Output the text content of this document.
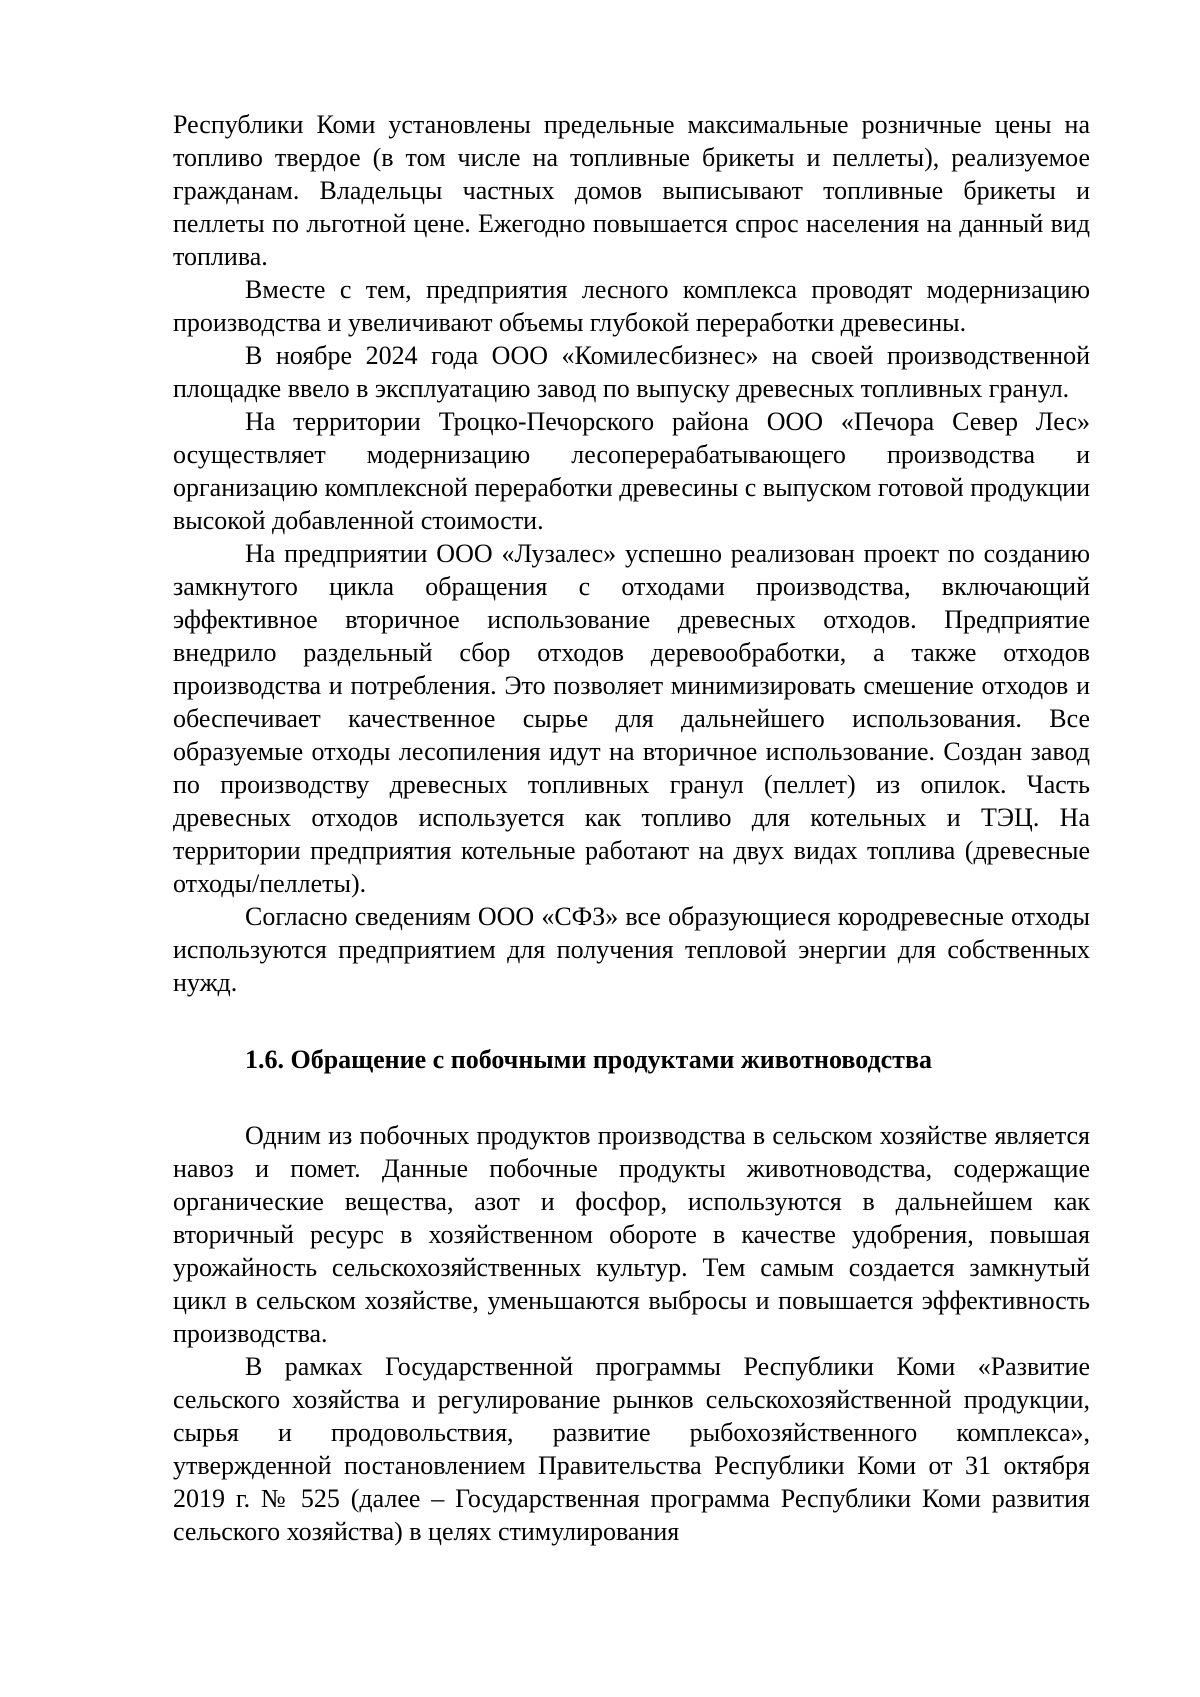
Республики Коми установлены предельные максимальные розничные цены на топливо твердое (в том числе на топливные брикеты и пеллеты), реализуемое гражданам. Владельцы частных домов выписывают топливные брикеты и пеллеты по льготной цене. Ежегодно повышается спрос населения на данный вид топлива.

Вместе с тем, предприятия лесного комплекса проводят модернизацию производства и увеличивают объемы глубокой переработки древесины.

В ноябре 2024 года ООО «Комилесбизнес» на своей производственной площадке ввело в эксплуатацию завод по выпуску древесных топливных гранул.

На территории Троцко-Печорского района ООО «Печора Север Лес» осуществляет модернизацию лесоперерабатывающего производства и организацию комплексной переработки древесины с выпуском готовой продукции высокой добавленной стоимости.

На предприятии ООО «Лузалес» успешно реализован проект по созданию замкнутого цикла обращения с отходами производства, включающий эффективное вторичное использование древесных отходов. Предприятие внедрило раздельный сбор отходов деревообработки, а также отходов производства и потребления. Это позволяет минимизировать смешение отходов и обеспечивает качественное сырье для дальнейшего использования. Все образуемые отходы лесопиления идут на вторичное использование. Создан завод по производству древесных топливных гранул (пеллет) из опилок. Часть древесных отходов используется как топливо для котельных и ТЭЦ. На территории предприятия котельные работают на двух видах топлива (древесные отходы/пеллеты).

Согласно сведениям ООО «СФЗ» все образующиеся кородревесные отходы используются предприятием для получения тепловой энергии для собственных нужд.

1.6. Обращение с побочными продуктами животноводства

Одним из побочных продуктов производства в сельском хозяйстве является навоз и помет. Данные побочные продукты животноводства, содержащие органические вещества, азот и фосфор, используются в дальнейшем как вторичный ресурс в хозяйственном обороте в качестве удобрения, повышая урожайность сельскохозяйственных культур. Тем самым создается замкнутый цикл в сельском хозяйстве, уменьшаются выбросы и повышается эффективность производства.

В рамках Государственной программы Республики Коми «Развитие сельского хозяйства и регулирование рынков сельскохозяйственной продукции, сырья и продовольствия, развитие рыбохозяйственного комплекса», утвержденной постановлением Правительства Республики Коми от 31 октября 2019 г. № 525 (далее – Государственная программа Республики Коми развития сельского хозяйства) в целях стимулирования
